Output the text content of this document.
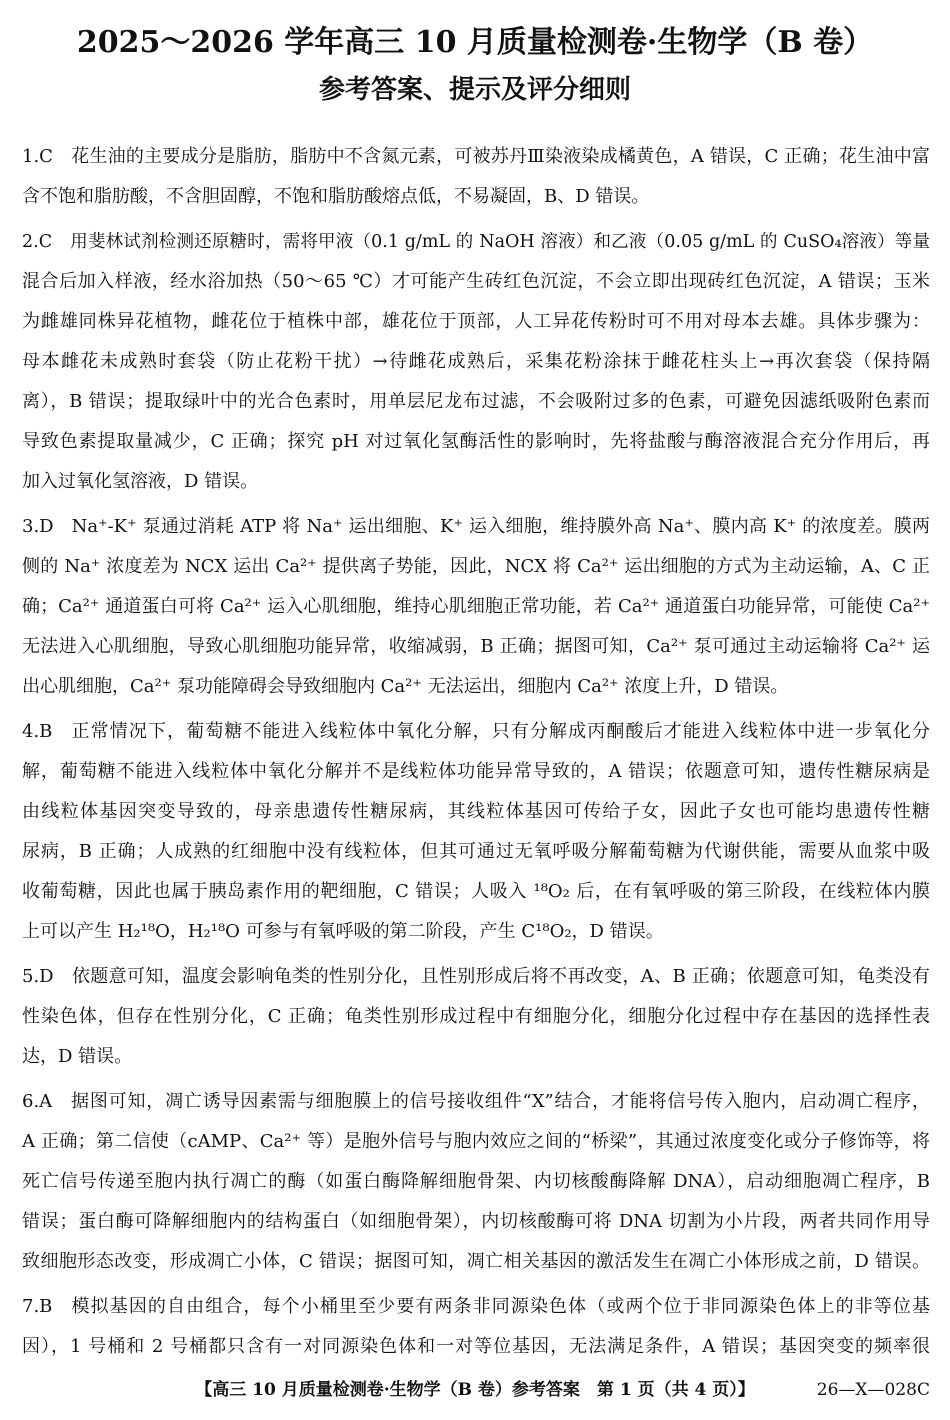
2025～2026 学年高三 10 月质量检测卷·生物学（B 卷）
参考答案、提示及评分细则
1.C 花生油的主要成分是脂肪，脂肪中不含氮元素，可被苏丹Ⅲ染液染成橘黄色，A 错误，C 正确；花生油中富
含不饱和脂肪酸，不含胆固醇，不饱和脂肪酸熔点低，不易凝固，B、D 错误。
2.C 用斐林试剂检测还原糖时，需将甲液（0.1 g/mL 的 NaOH 溶液）和乙液（0.05 g/mL 的 CuSO₄溶液）等量
混合后加入样液，经水浴加热（50～65 ℃）才可能产生砖红色沉淀，不会立即出现砖红色沉淀，A 错误；玉米
为雌雄同株异花植物，雌花位于植株中部，雄花位于顶部，人工异花传粉时可不用对母本去雄。具体步骤为：
母本雌花未成熟时套袋（防止花粉干扰）→待雌花成熟后，采集花粉涂抹于雌花柱头上→再次套袋（保持隔
离），B 错误；提取绿叶中的光合色素时，用单层尼龙布过滤，不会吸附过多的色素，可避免因滤纸吸附色素而
导致色素提取量减少，C 正确；探究 pH 对过氧化氢酶活性的影响时，先将盐酸与酶溶液混合充分作用后，再
加入过氧化氢溶液，D 错误。
3.D Na⁺-K⁺ 泵通过消耗 ATP 将 Na⁺ 运出细胞、K⁺ 运入细胞，维持膜外高 Na⁺、膜内高 K⁺ 的浓度差。膜两
侧的 Na⁺ 浓度差为 NCX 运出 Ca²⁺ 提供离子势能，因此，NCX 将 Ca²⁺ 运出细胞的方式为主动运输，A、C 正
确；Ca²⁺ 通道蛋白可将 Ca²⁺ 运入心肌细胞，维持心肌细胞正常功能，若 Ca²⁺ 通道蛋白功能异常，可能使 Ca²⁺
无法进入心肌细胞，导致心肌细胞功能异常，收缩减弱，B 正确；据图可知，Ca²⁺ 泵可通过主动运输将 Ca²⁺ 运
出心肌细胞，Ca²⁺ 泵功能障碍会导致细胞内 Ca²⁺ 无法运出，细胞内 Ca²⁺ 浓度上升，D 错误。
4.B 正常情况下，葡萄糖不能进入线粒体中氧化分解，只有分解成丙酮酸后才能进入线粒体中进一步氧化分
解，葡萄糖不能进入线粒体中氧化分解并不是线粒体功能异常导致的，A 错误；依题意可知，遗传性糖尿病是
由线粒体基因突变导致的，母亲患遗传性糖尿病，其线粒体基因可传给子女，因此子女也可能均患遗传性糖
尿病，B 正确；人成熟的红细胞中没有线粒体，但其可通过无氧呼吸分解葡萄糖为代谢供能，需要从血浆中吸
收葡萄糖，因此也属于胰岛素作用的靶细胞，C 错误；人吸入 ¹⁸O₂ 后，在有氧呼吸的第三阶段，在线粒体内膜
上可以产生 H₂¹⁸O，H₂¹⁸O 可参与有氧呼吸的第二阶段，产生 C¹⁸O₂，D 错误。
5.D 依题意可知，温度会影响龟类的性别分化，且性别形成后将不再改变，A、B 正确；依题意可知，龟类没有
性染色体，但存在性别分化，C 正确；龟类性别形成过程中有细胞分化，细胞分化过程中存在基因的选择性表
达，D 错误。
6.A 据图可知，凋亡诱导因素需与细胞膜上的信号接收组件“X”结合，才能将信号传入胞内，启动凋亡程序，
A 正确；第二信使（cAMP、Ca²⁺ 等）是胞外信号与胞内效应之间的“桥梁”，其通过浓度变化或分子修饰等，将
死亡信号传递至胞内执行凋亡的酶（如蛋白酶降解细胞骨架、内切核酸酶降解 DNA），启动细胞凋亡程序，B
错误；蛋白酶可降解细胞内的结构蛋白（如细胞骨架），内切核酸酶可将 DNA 切割为小片段，两者共同作用导
致细胞形态改变，形成凋亡小体，C 错误；据图可知，凋亡相关基因的激活发生在凋亡小体形成之前，D 错误。
7.B 模拟基因的自由组合，每个小桶里至少要有两条非同源染色体（或两个位于非同源染色体上的非等位基
因），1 号桶和 2 号桶都只含有一对同源染色体和一对等位基因，无法满足条件，A 错误；基因突变的频率很
【高三 10 月质量检测卷·生物学（B 卷）参考答案　第 1 页（共 4 页）】	26—X—028C
